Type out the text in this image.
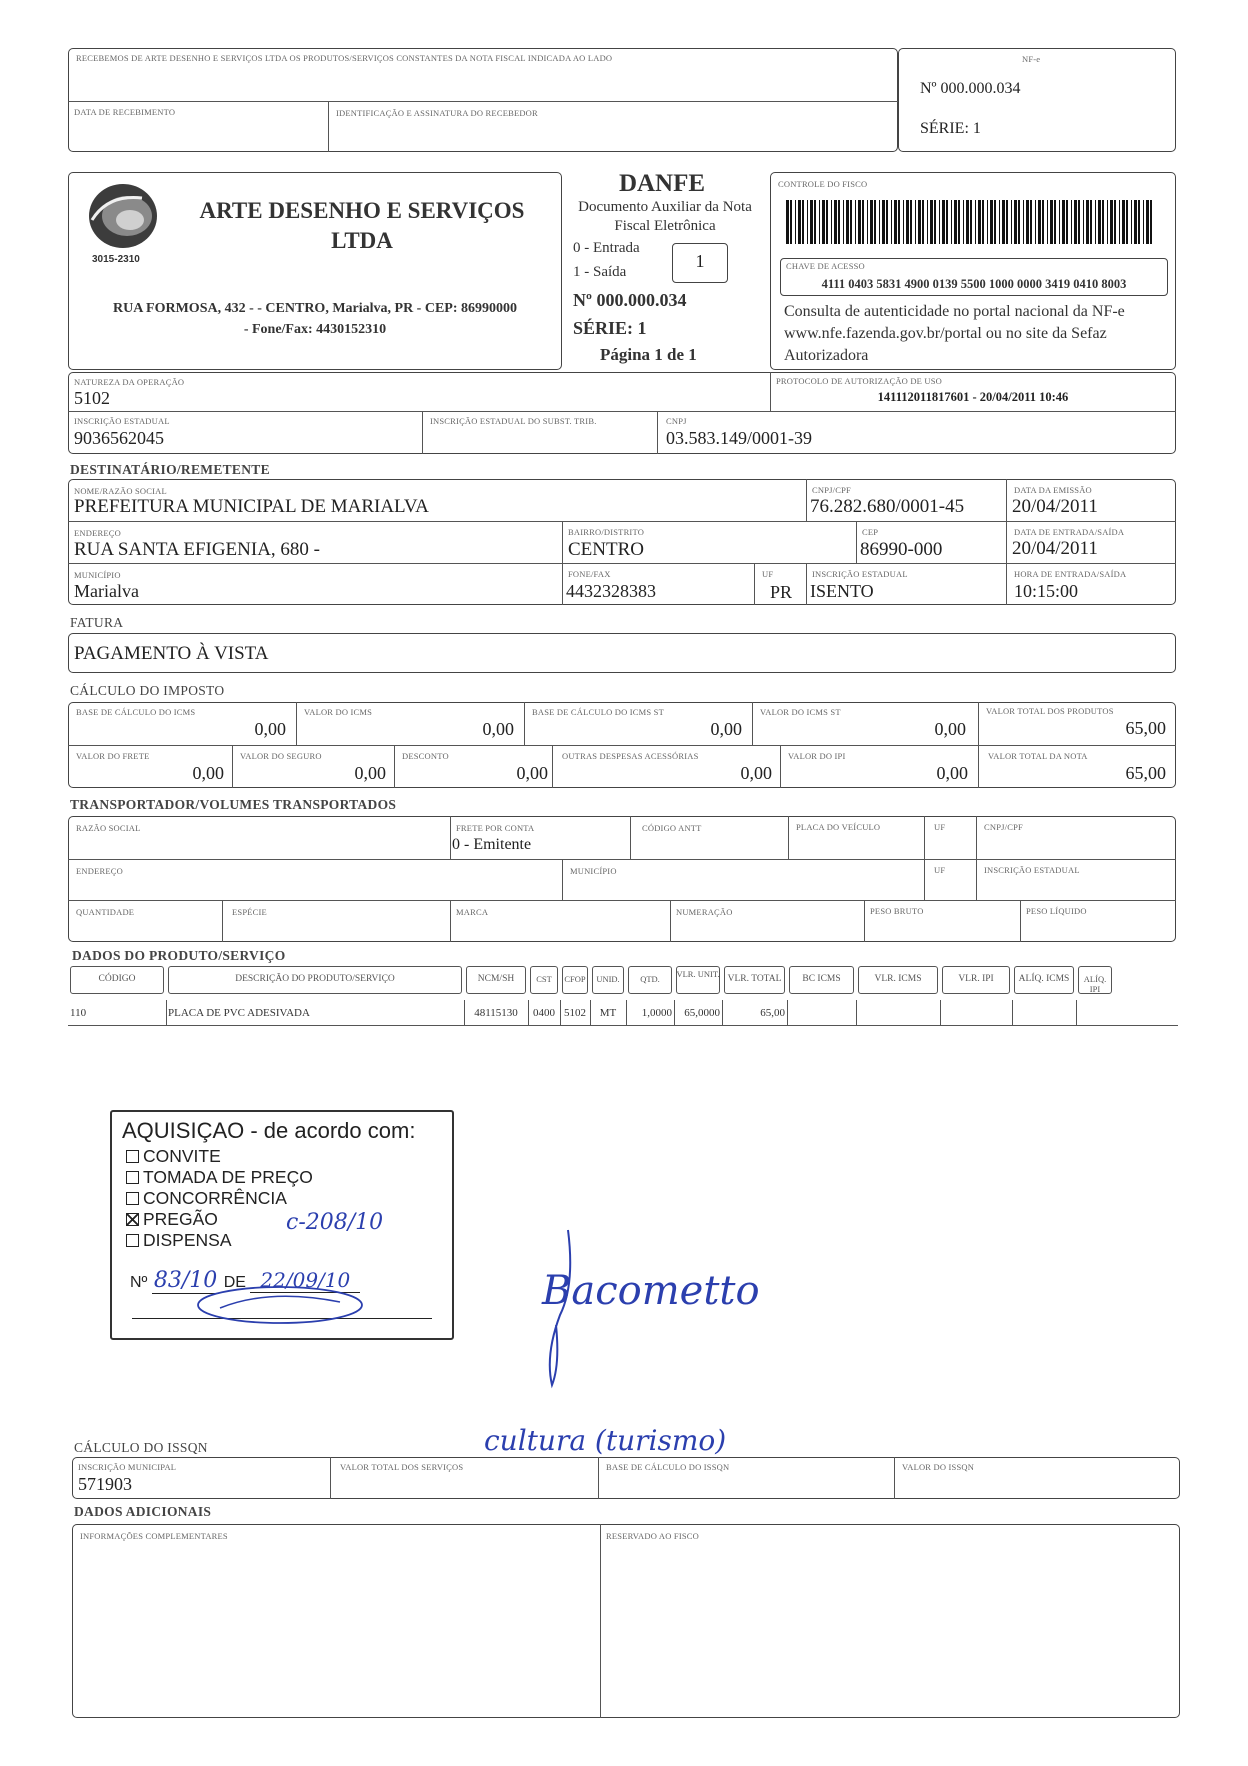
RECEBEMOS DE ARTE DESENHO E SERVIÇOS LTDA OS PRODUTOS/SERVIÇOS CONSTANTES DA NOTA FISCAL INDICADA AO LADO
DATA DE RECEBIMENTO	IDENTIFICAÇÃO E ASSINATURA DO RECEBEDOR
NF-e
Nº 000.000.034
SÉRIE: 1
3015-2310
ARTE DESENHO E SERVIÇOS LTDA
RUA FORMOSA, 432 - - CENTRO, Marialva, PR - CEP: 86990000
- Fone/Fax: 4430152310
DANFE
Documento Auxiliar da Nota Fiscal Eletrônica
0 - Entrada
1 - Saída
1
Nº 000.000.034
SÉRIE: 1
Página 1 de 1
CONTROLE DO FISCO
CHAVE DE ACESSO
4111 0403 5831 4900 0139 5500 1000 0000 3419 0410 8003
Consulta de autenticidade no portal nacional da NF-e www.nfe.fazenda.gov.br/portal ou no site da Sefaz Autorizadora
NATUREZA DA OPERAÇÃO
5102
PROTOCOLO DE AUTORIZAÇÃO DE USO
141112011817601 - 20/04/2011 10:46
INSCRIÇÃO ESTADUAL
9036562045
INSCRIÇÃO ESTADUAL DO SUBST. TRIB.	CNPJ
03.583.149/0001-39
DESTINATÁRIO/REMETENTE
NOME/RAZÃO SOCIAL
PREFEITURA MUNICIPAL DE MARIALVA
CNPJ/CPF
76.282.680/0001-45
DATA DA EMISSÃO
20/04/2011
ENDEREÇO
RUA SANTA EFIGENIA, 680 -
BAIRRO/DISTRITO
CENTRO
CEP
86990-000
DATA DE ENTRADA/SAÍDA
20/04/2011
MUNICÍPIO
Marialva
FONE/FAX
4432328383
UF
PR
INSCRIÇÃO ESTADUAL
ISENTO
HORA DE ENTRADA/SAÍDA
10:15:00
FATURA
PAGAMENTO À VISTA
CÁLCULO DO IMPOSTO
BASE DE CÁLCULO DO ICMS
0,00
VALOR DO ICMS
0,00
BASE DE CÁLCULO DO ICMS ST
0,00
VALOR DO ICMS ST
0,00
VALOR TOTAL DOS PRODUTOS
65,00
VALOR DO FRETE
0,00
VALOR DO SEGURO
0,00
DESCONTO
0,00
OUTRAS DESPESAS ACESSÓRIAS
0,00
VALOR DO IPI
0,00
VALOR TOTAL DA NOTA
65,00
TRANSPORTADOR/VOLUMES TRANSPORTADOS
RAZÃO SOCIAL	FRETE POR CONTA
0 - Emitente
CÓDIGO ANTT	PLACA DO VEÍCULO	UF	CNPJ/CPF
ENDEREÇO	MUNICÍPIO	UF	INSCRIÇÃO ESTADUAL
QUANTIDADE	ESPÉCIE	MARCA	NUMERAÇÃO	PESO BRUTO	PESO LÍQUIDO
DADOS DO PRODUTO/SERVIÇO
CÓDIGO	DESCRIÇÃO DO PRODUTO/SERVIÇO	NCM/SH	CST	CFOP	UNID.	QTD.	VLR. UNIT. VLR. TOTAL	BC ICMS	VLR. ICMS	VLR. IPI	ALÍQ. ICMS	ALÍQ. IPI
110	PLACA DE PVC ADESIVADA	48115130	0400 5102	MT	1,0000	65,0000	65,00
AQUISIÇAO - de acordo com:
CONVITE
TOMADA DE PREÇO
CONCORRÊNCIA
PREGÃO
DISPENSA
c-208/10
Nº 83/10 DE 22/09/10	Bacometto
cultura (turismo)
CÁLCULO DO ISSQN
INSCRIÇÃO MUNICIPAL
571903
VALOR TOTAL DOS SERVIÇOS	BASE DE CÁLCULO DO ISSQN	VALOR DO ISSQN
DADOS ADICIONAIS
INFORMAÇÕES COMPLEMENTARES	RESERVADO AO FISCO
